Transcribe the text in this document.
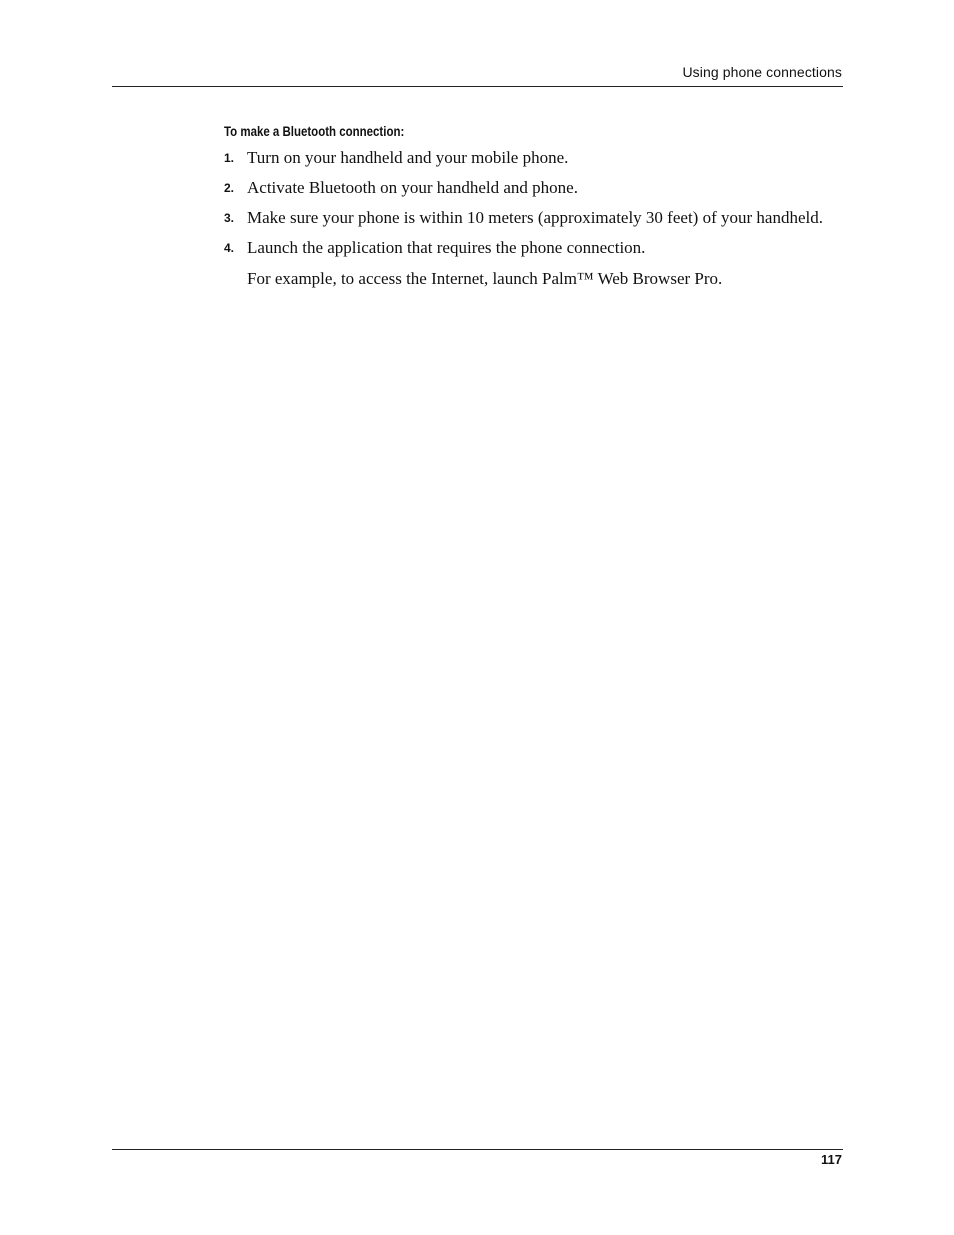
Using phone connections
To make a Bluetooth connection:
1. Turn on your handheld and your mobile phone.
2. Activate Bluetooth on your handheld and phone.
3. Make sure your phone is within 10 meters (approximately 30 feet) of your handheld.
4. Launch the application that requires the phone connection.
For example, to access the Internet, launch Palm™ Web Browser Pro.
117
